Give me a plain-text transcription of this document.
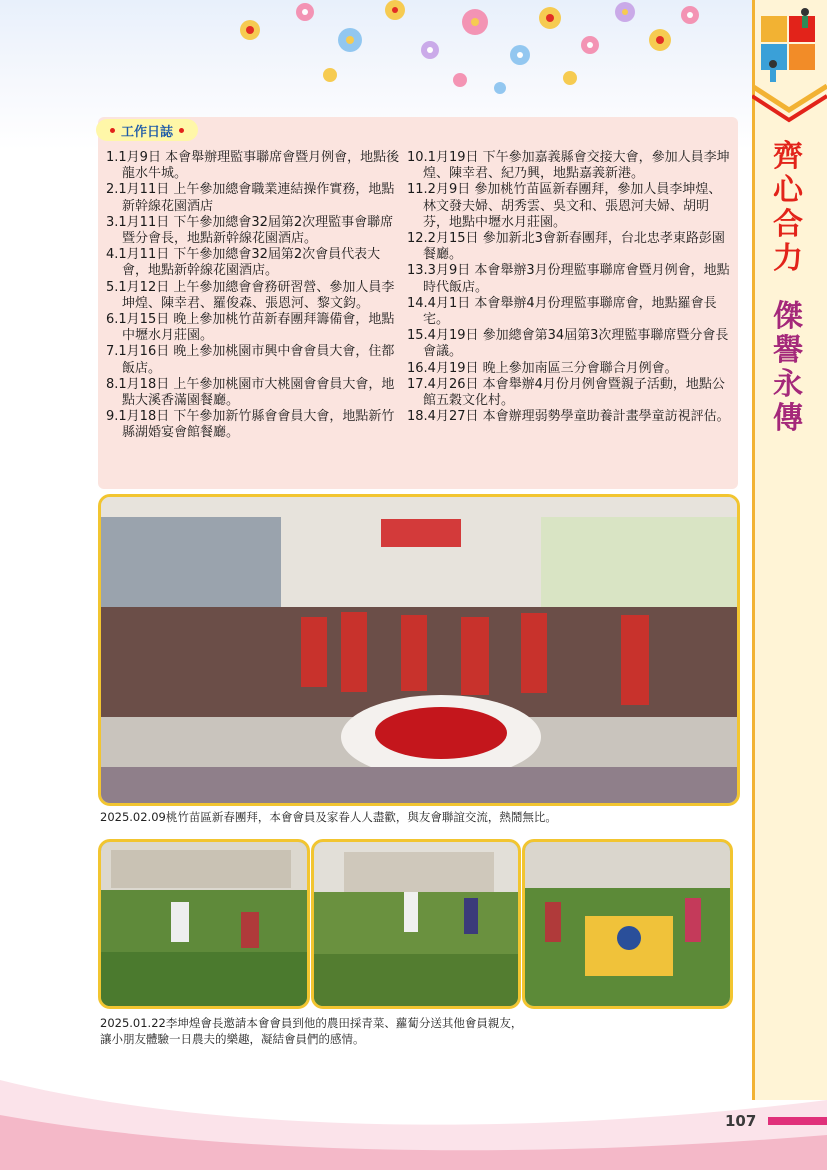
齊心合力
傑譽永傳
工作日誌
1.1月9日 本會舉辦理監事聯席會暨月例會，地點後龍水牛城。
2.1月11日 上午參加總會職業連結操作實務，地點新幹線花園酒店
3.1月11日 下午參加總會32屆第2次理監事會聯席暨分會長，地點新幹線花園酒店。
4.1月11日 下午參加總會32屆第2次會員代表大會，地點新幹線花園酒店。
5.1月12日 上午參加總會會務研習營、參加人員李坤煌、陳幸君、羅俊森、張恩河、黎文鈞。
6.1月15日 晚上參加桃竹苗新春團拜籌備會，地點中壢水月莊園。
7.1月16日 晚上參加桃園市興中會會員大會，住都飯店。
8.1月18日 上午參加桃園市大桃園會會員大會，地點大溪香滿園餐廳。
9.1月18日 下午參加新竹縣會會員大會，地點新竹縣湖婚宴會館餐廳。
10.1月19日 下午參加嘉義縣會交接大會，參加人員李坤煌、陳幸君、紀乃興，地點嘉義新港。
11.2月9日 參加桃竹苗區新春團拜，參加人員李坤煌、林文發夫婦、胡秀雲、吳文和、張恩河夫婦、胡明芬，地點中壢水月莊園。
12.2月15日 參加新北3會新春團拜，台北忠孝東路彭園餐廳。
13.3月9日 本會舉辦3月份理監事聯席會暨月例會，地點時代飯店。
14.4月1日 本會舉辦4月份理監事聯席會，地點羅會長宅。
15.4月19日 參加總會第34屆第3次理監事聯席暨分會長會議。
16.4月19日 晚上參加南區三分會聯合月例會。
17.4月26日 本會舉辦4月份月例會暨親子活動，地點公館五穀文化村。
18.4月27日 本會辦理弱勢學童助養計畫學童訪視評估。
2025.02.09桃竹苗區新春團拜，本會會員及家眷人人盡歡，與友會聯誼交流，熱鬧無比。
2025.01.22李坤煌會長邀請本會會員到他的農田採青菜、蘿蔔分送其他會員親友，
讓小朋友體驗一日農夫的樂趣，凝結會員們的感情。
107
